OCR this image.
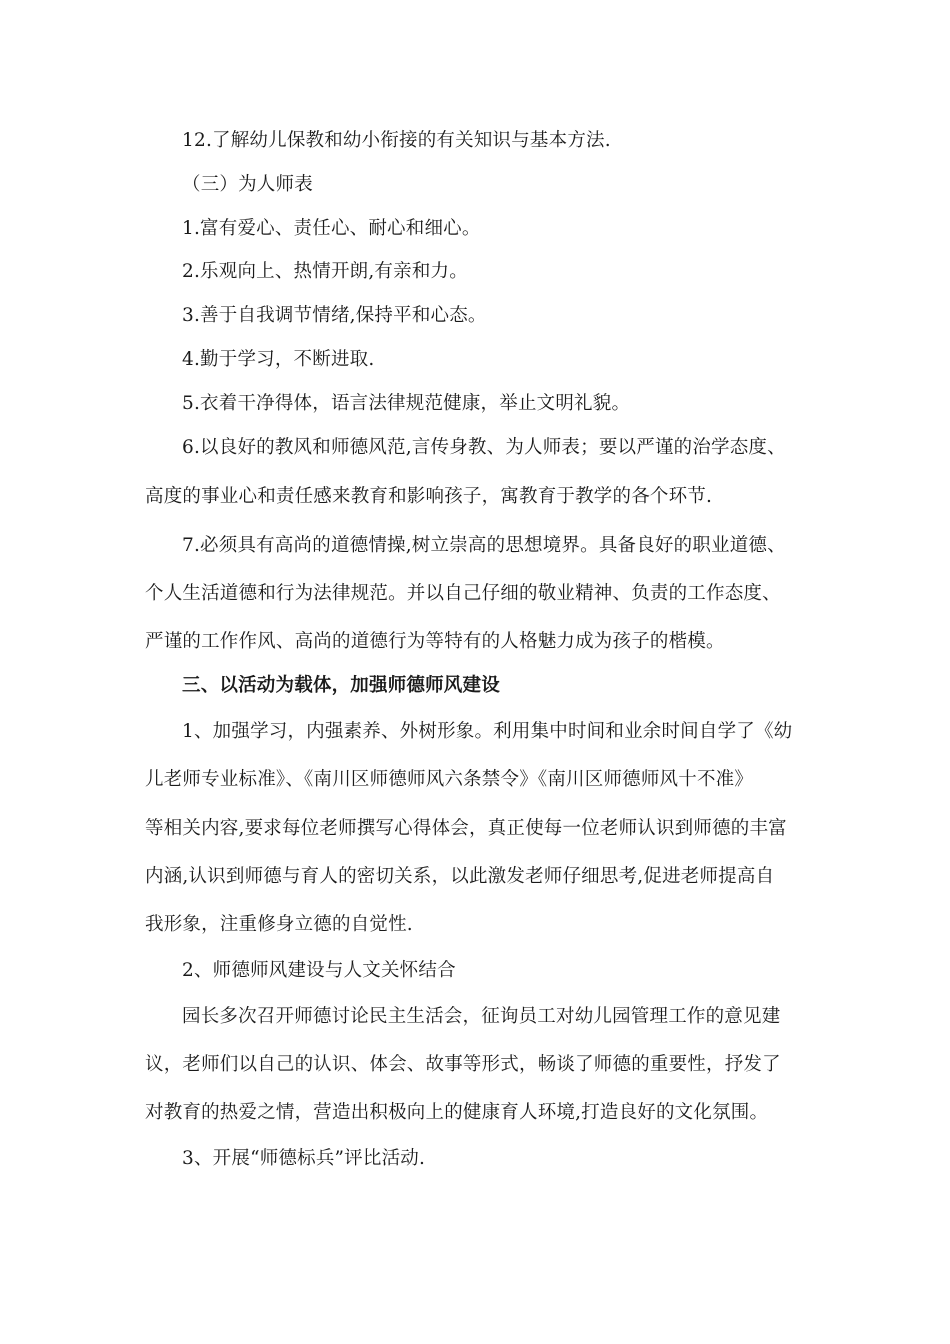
12.了解幼儿保教和幼小衔接的有关知识与基本方法.
（三）为人师表
1.富有爱心、责任心、耐心和细心。
2.乐观向上、热情开朗,有亲和力。
3.善于自我调节情绪,保持平和心态。
4.勤于学习，不断进取.
5.衣着干净得体，语言法律规范健康，举止文明礼貌。
6.以良好的教风和师德风范,言传身教、为人师表；要以严谨的治学态度、
高度的事业心和责任感来教育和影响孩子，寓教育于教学的各个环节.
7.必须具有高尚的道德情操,树立崇高的思想境界。具备良好的职业道德、
个人生活道德和行为法律规范。并以自己仔细的敬业精神、负责的工作态度、
严谨的工作作风、高尚的道德行为等特有的人格魅力成为孩子的楷模。
三、以活动为载体，加强师德师风建设
1、加强学习，内强素养、外树形象。利用集中时间和业余时间自学了《幼
儿老师专业标准》、《南川区师德师风六条禁令》《南川区师德师风十不准》
等相关内容,要求每位老师撰写心得体会，真正使每一位老师认识到师德的丰富
内涵,认识到师德与育人的密切关系，以此激发老师仔细思考,促进老师提高自
我形象，注重修身立德的自觉性.
2、师德师风建设与人文关怀结合
园长多次召开师德讨论民主生活会，征询员工对幼儿园管理工作的意见建
议，老师们以自己的认识、体会、故事等形式，畅谈了师德的重要性，抒发了
对教育的热爱之情，营造出积极向上的健康育人环境,打造良好的文化氛围。
3、开展“师德标兵”评比活动.
